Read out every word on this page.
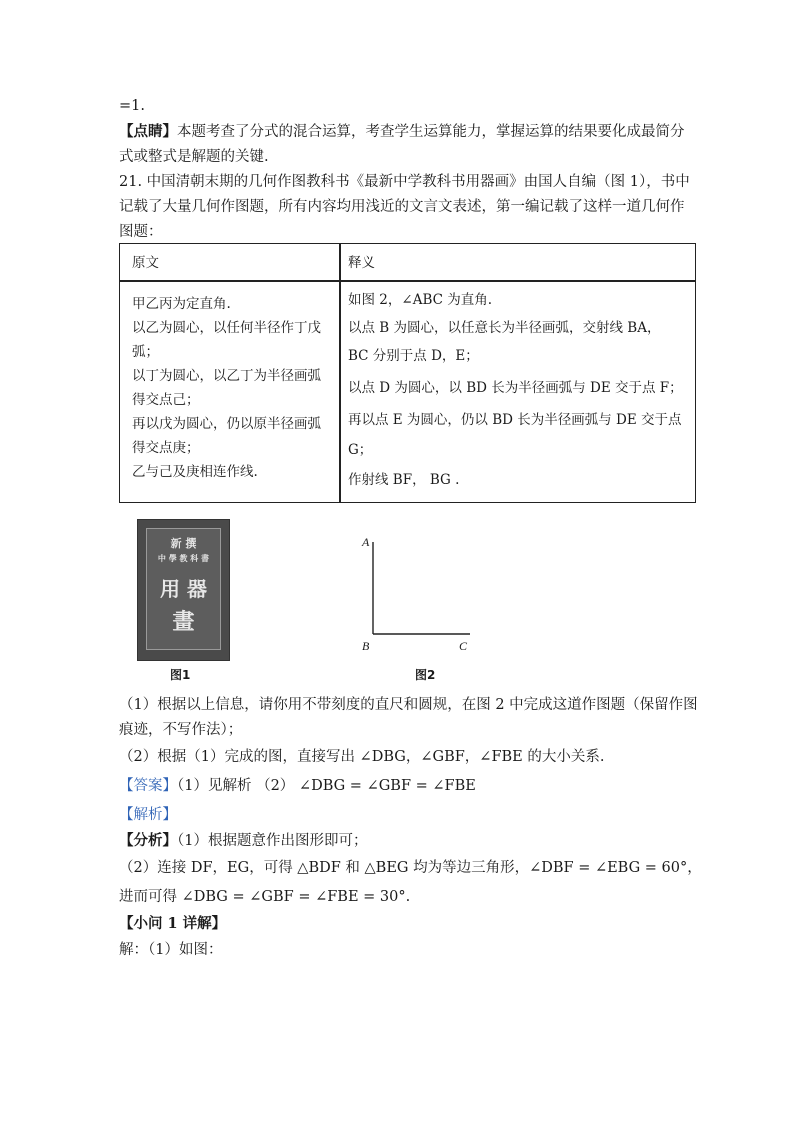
=1.
【点睛】本题考查了分式的混合运算，考查学生运算能力，掌握运算的结果要化成最简分
式或整式是解题的关键.
21. 中国清朝末期的几何作图教科书《最新中学教科书用器画》由国人自编（图 1），书中
记载了大量几何作图题，所有内容均用浅近的文言文表述，第一编记载了这样一道几何作
图题：
原文	释义
甲乙丙为定直角.
以乙为圆心，以任何半径作丁戊
弧；
以丁为圆心，以乙丁为半径画弧
得交点己；
再以戊为圆心，仍以原半径画弧
得交点庚；
乙与己及庚相连作线.
如图 2，∠ABC 为直角.
以点 B 为圆心，以任意长为半径画弧，交射线 BA，
BC 分别于点 D，E；
以点 D 为圆心，以 BD 长为半径画弧与 DE 交于点 F；
再以点 E 为圆心，仍以 BD 长为半径画弧与 DE 交于点
G；
作射线 BF， BG .
新 撰
中 學 教 科 書
用 器
畫
图1
A
B	C
图2
（1）根据以上信息，请你用不带刻度的直尺和圆规，在图 2 中完成这道作图题（保留作图
痕迹，不写作法）；
（2）根据（1）完成的图，直接写出 ∠DBG，∠GBF，∠FBE 的大小关系.
【答案】（1）见解析 （2） ∠DBG = ∠GBF = ∠FBE
【解析】
【分析】（1）根据题意作出图形即可；
（2）连接 DF，EG，可得 △BDF 和 △BEG 均为等边三角形，∠DBF = ∠EBG = 60°，
进而可得 ∠DBG = ∠GBF = ∠FBE = 30°.
【小问 1 详解】
解：（1）如图：
